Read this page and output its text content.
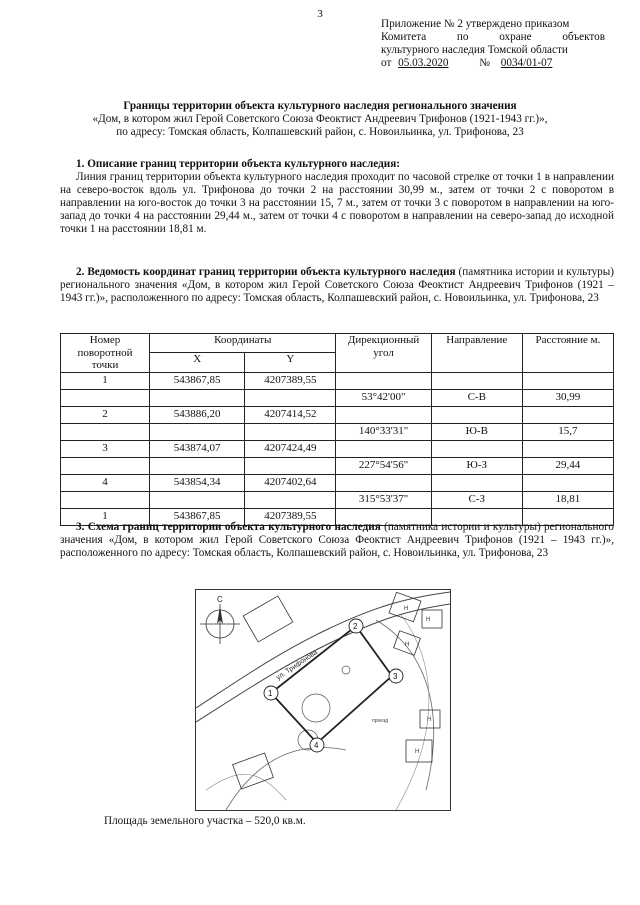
3
Приложение № 2 утверждено приказом
Комитета по охране объектов
культурного наследия Томской области
от 05.03.2020	№ 0034/01-07
Границы территории объекта культурного наследия регионального значения
«Дом, в котором жил Герой Советского Союза Феоктист Андреевич Трифонов (1921-1943 гг.)»,
по адресу: Томская область, Колпашевский район, с. Новоильинка, ул. Трифонова, 23
1. Описание границ территории объекта культурного наследия:
Линия границ территории объекта культурного наследия проходит по часовой стрелке от точки 1 в направлении на северо-восток вдоль ул. Трифонова до точки 2 на расстоянии 30,99 м., затем от точки 2 с поворотом в направлении на юго-восток до точки 3 на расстоянии 15, 7 м., затем от точки 3 с поворотом в направлении на юго-запад до точки 4 на расстоянии 29,44 м., затем от точки 4 с поворотом в направлении на северо-запад до исходной точки 1 на расстоянии 18,81 м.
2. Ведомость координат границ территории объекта культурного наследия (памятника истории и культуры) регионального значения «Дом, в котором жил Герой Советского Союза Феоктист Андреевич Трифонов (1921 – 1943 гг.)», расположенного по адресу: Томская область, Колпашевский район, с. Новоильинка, ул. Трифонова, 23
Номер поворотной точки	Координаты		Дирекционный угол	Направление	Расстояние м.
	X	Y			
1	543867,85	4207389,55			
			53°42'00"	С-В	30,99
2	543886,20	4207414,52			
			140°33'31"	Ю-В	15,7
3	543874,07	4207424,49			
			227°54'56"	Ю-З	29,44
4	543854,34	4207402,64			
			315°53'37"	С-З	18,81
1	543867,85	4207389,55			
3. Схема границ территории объекта культурного наследия (памятника истории и культуры) регионального значения «Дом, в котором жил Герой Советского Союза Феоктист Андреевич Трифонов (1921 – 1943 гг.)», расположенного по адресу: Томская область, Колпашевский район, с. Новоильинка, ул. Трифонова, 23
Н
Н
Н
Н
Н
С
проезд
ул. Трифонова
1
2
3
4
Площадь земельного участка – 520,0 кв.м.
